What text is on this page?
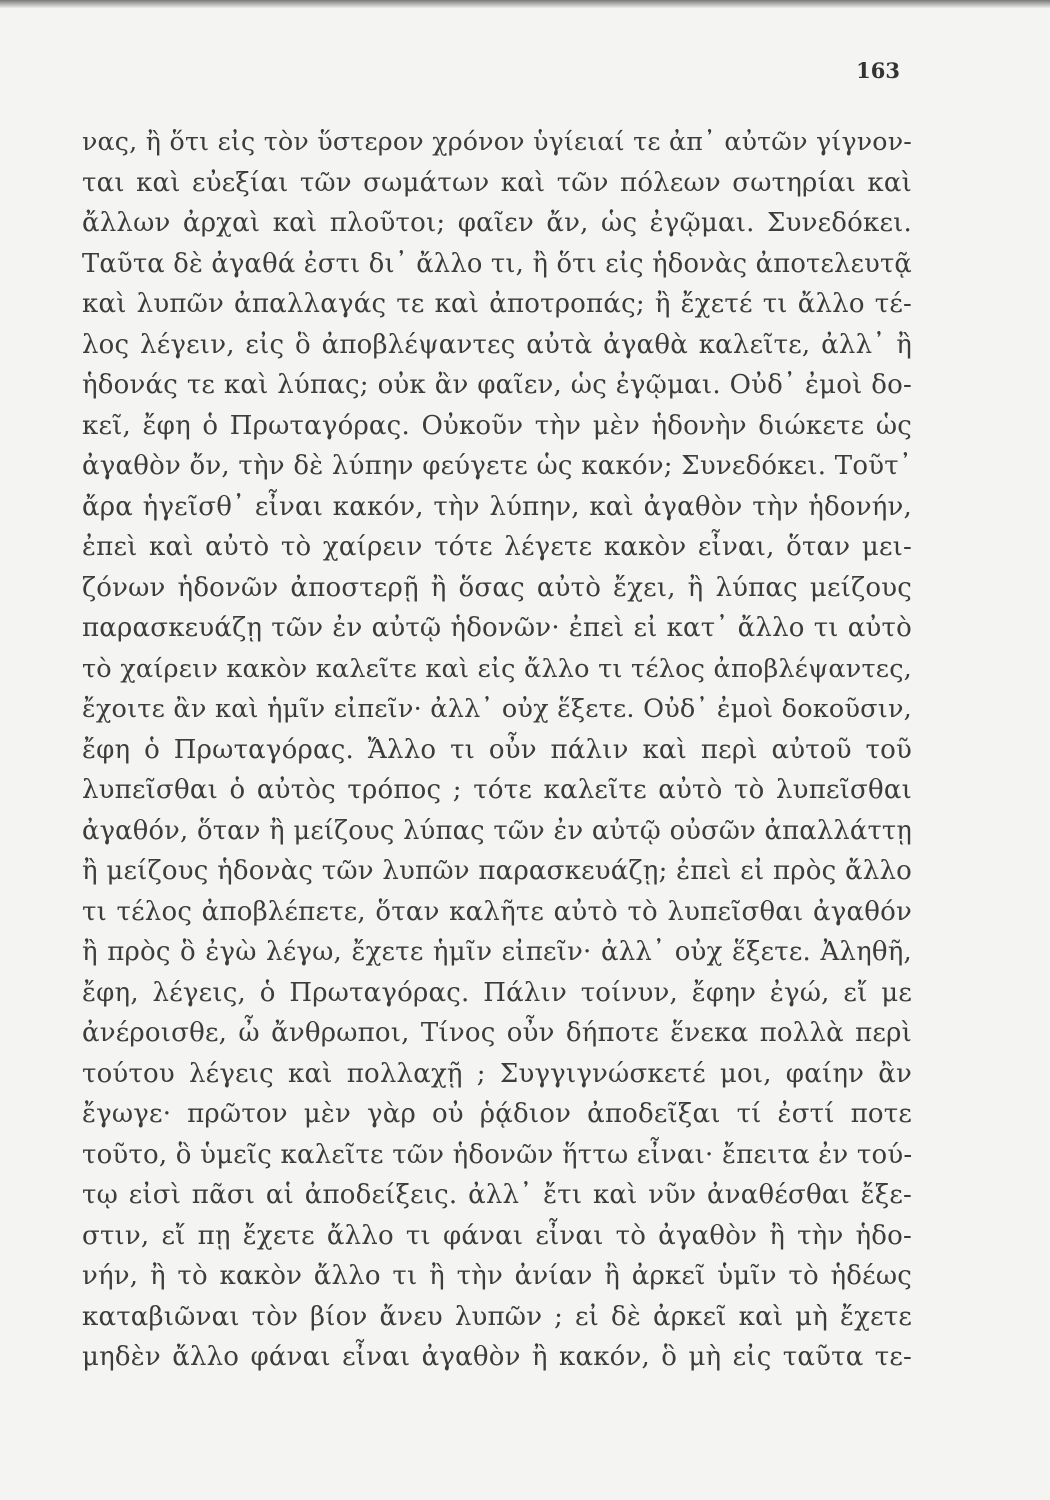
163
νας, ἢ ὅτι εἰς τὸν ὕστερον χρόνον ὑγίειαί τε ἀπ᾽ αὐτῶν γίγνον-
ται καὶ εὐεξίαι τῶν σωμάτων καὶ τῶν πόλεων σωτηρίαι καὶ
ἄλλων ἀρχαὶ καὶ πλοῦτοι; φαῖεν ἄν, ὡς ἐγῷμαι. Συνεδόκει.
Ταῦτα δὲ ἀγαθά ἐστι δι᾽ ἄλλο τι, ἢ ὅτι εἰς ἡδονὰς ἀποτελευτᾷ
καὶ λυπῶν ἀπαλλαγάς τε καὶ ἀποτροπάς; ἢ ἔχετέ τι ἄλλο τέ-
λος λέγειν, εἰς ὃ ἀποβλέψαντες αὐτὰ ἀγαθὰ καλεῖτε, ἀλλ᾽ ἢ
ἡδονάς τε καὶ λύπας; οὐκ ἂν φαῖεν, ὡς ἐγῷμαι. Οὐδ᾽ ἐμοὶ δο-
κεῖ, ἔφη ὁ Πρωταγόρας. Οὐκοῦν τὴν μὲν ἡδονὴν διώκετε ὡς
ἀγαθὸν ὄν, τὴν δὲ λύπην φεύγετε ὡς κακόν; Συνεδόκει. Τοῦτ᾽
ἄρα ἡγεῖσθ᾽ εἶναι κακόν, τὴν λύπην, καὶ ἀγαθὸν τὴν ἡδονήν,
ἐπεὶ καὶ αὐτὸ τὸ χαίρειν τότε λέγετε κακὸν εἶναι, ὅταν μει-
ζόνων ἡδονῶν ἀποστερῇ ἢ ὅσας αὐτὸ ἔχει, ἢ λύπας μείζους
παρασκευάζῃ τῶν ἐν αὐτῷ ἡδονῶν· ἐπεὶ εἰ κατ᾽ ἄλλο τι αὐτὸ
τὸ χαίρειν κακὸν καλεῖτε καὶ εἰς ἄλλο τι τέλος ἀποβλέψαντες,
ἔχοιτε ἂν καὶ ἡμῖν εἰπεῖν· ἀλλ᾽ οὐχ ἕξετε. Οὐδ᾽ ἐμοὶ δοκοῦσιν,
ἔφη ὁ Πρωταγόρας. Ἄλλο τι οὖν πάλιν καὶ περὶ αὐτοῦ τοῦ
λυπεῖσθαι ὁ αὐτὸς τρόπος ; τότε καλεῖτε αὐτὸ τὸ λυπεῖσθαι
ἀγαθόν, ὅταν ἢ μείζους λύπας τῶν ἐν αὐτῷ οὐσῶν ἀπαλλάττῃ
ἢ μείζους ἡδονὰς τῶν λυπῶν παρασκευάζῃ; ἐπεὶ εἰ πρὸς ἄλλο
τι τέλος ἀποβλέπετε, ὅταν καλῆτε αὐτὸ τὸ λυπεῖσθαι ἀγαθόν
ἢ πρὸς ὃ ἐγὼ λέγω, ἔχετε ἡμῖν εἰπεῖν· ἀλλ᾽ οὐχ ἕξετε. Ἀληθῆ,
ἔφη, λέγεις, ὁ Πρωταγόρας. Πάλιν τοίνυν, ἔφην ἐγώ, εἴ με
ἀνέροισθε, ὦ ἄνθρωποι, Τίνος οὖν δήποτε ἕνεκα πολλὰ περὶ
τούτου λέγεις καὶ πολλαχῇ ; Συγγιγνώσκετέ μοι, φαίην ἂν
ἔγωγε· πρῶτον μὲν γὰρ οὐ ῥᾴδιον ἀποδεῖξαι τί ἐστί ποτε
τοῦτο, ὃ ὑμεῖς καλεῖτε τῶν ἡδονῶν ἥττω εἶναι· ἔπειτα ἐν τού-
τῳ εἰσὶ πᾶσι αἱ ἀποδείξεις. ἀλλ᾽ ἔτι καὶ νῦν ἀναθέσθαι ἔξε-
στιν, εἴ πῃ ἔχετε ἄλλο τι φάναι εἶναι τὸ ἀγαθὸν ἢ τὴν ἡδο-
νήν, ἢ τὸ κακὸν ἄλλο τι ἢ τὴν ἀνίαν ἢ ἀρκεῖ ὑμῖν τὸ ἡδέως
καταβιῶναι τὸν βίον ἄνευ λυπῶν ; εἰ δὲ ἀρκεῖ καὶ μὴ ἔχετε
μηδὲν ἄλλο φάναι εἶναι ἀγαθὸν ἢ κακόν, ὃ μὴ εἰς ταῦτα τε-
